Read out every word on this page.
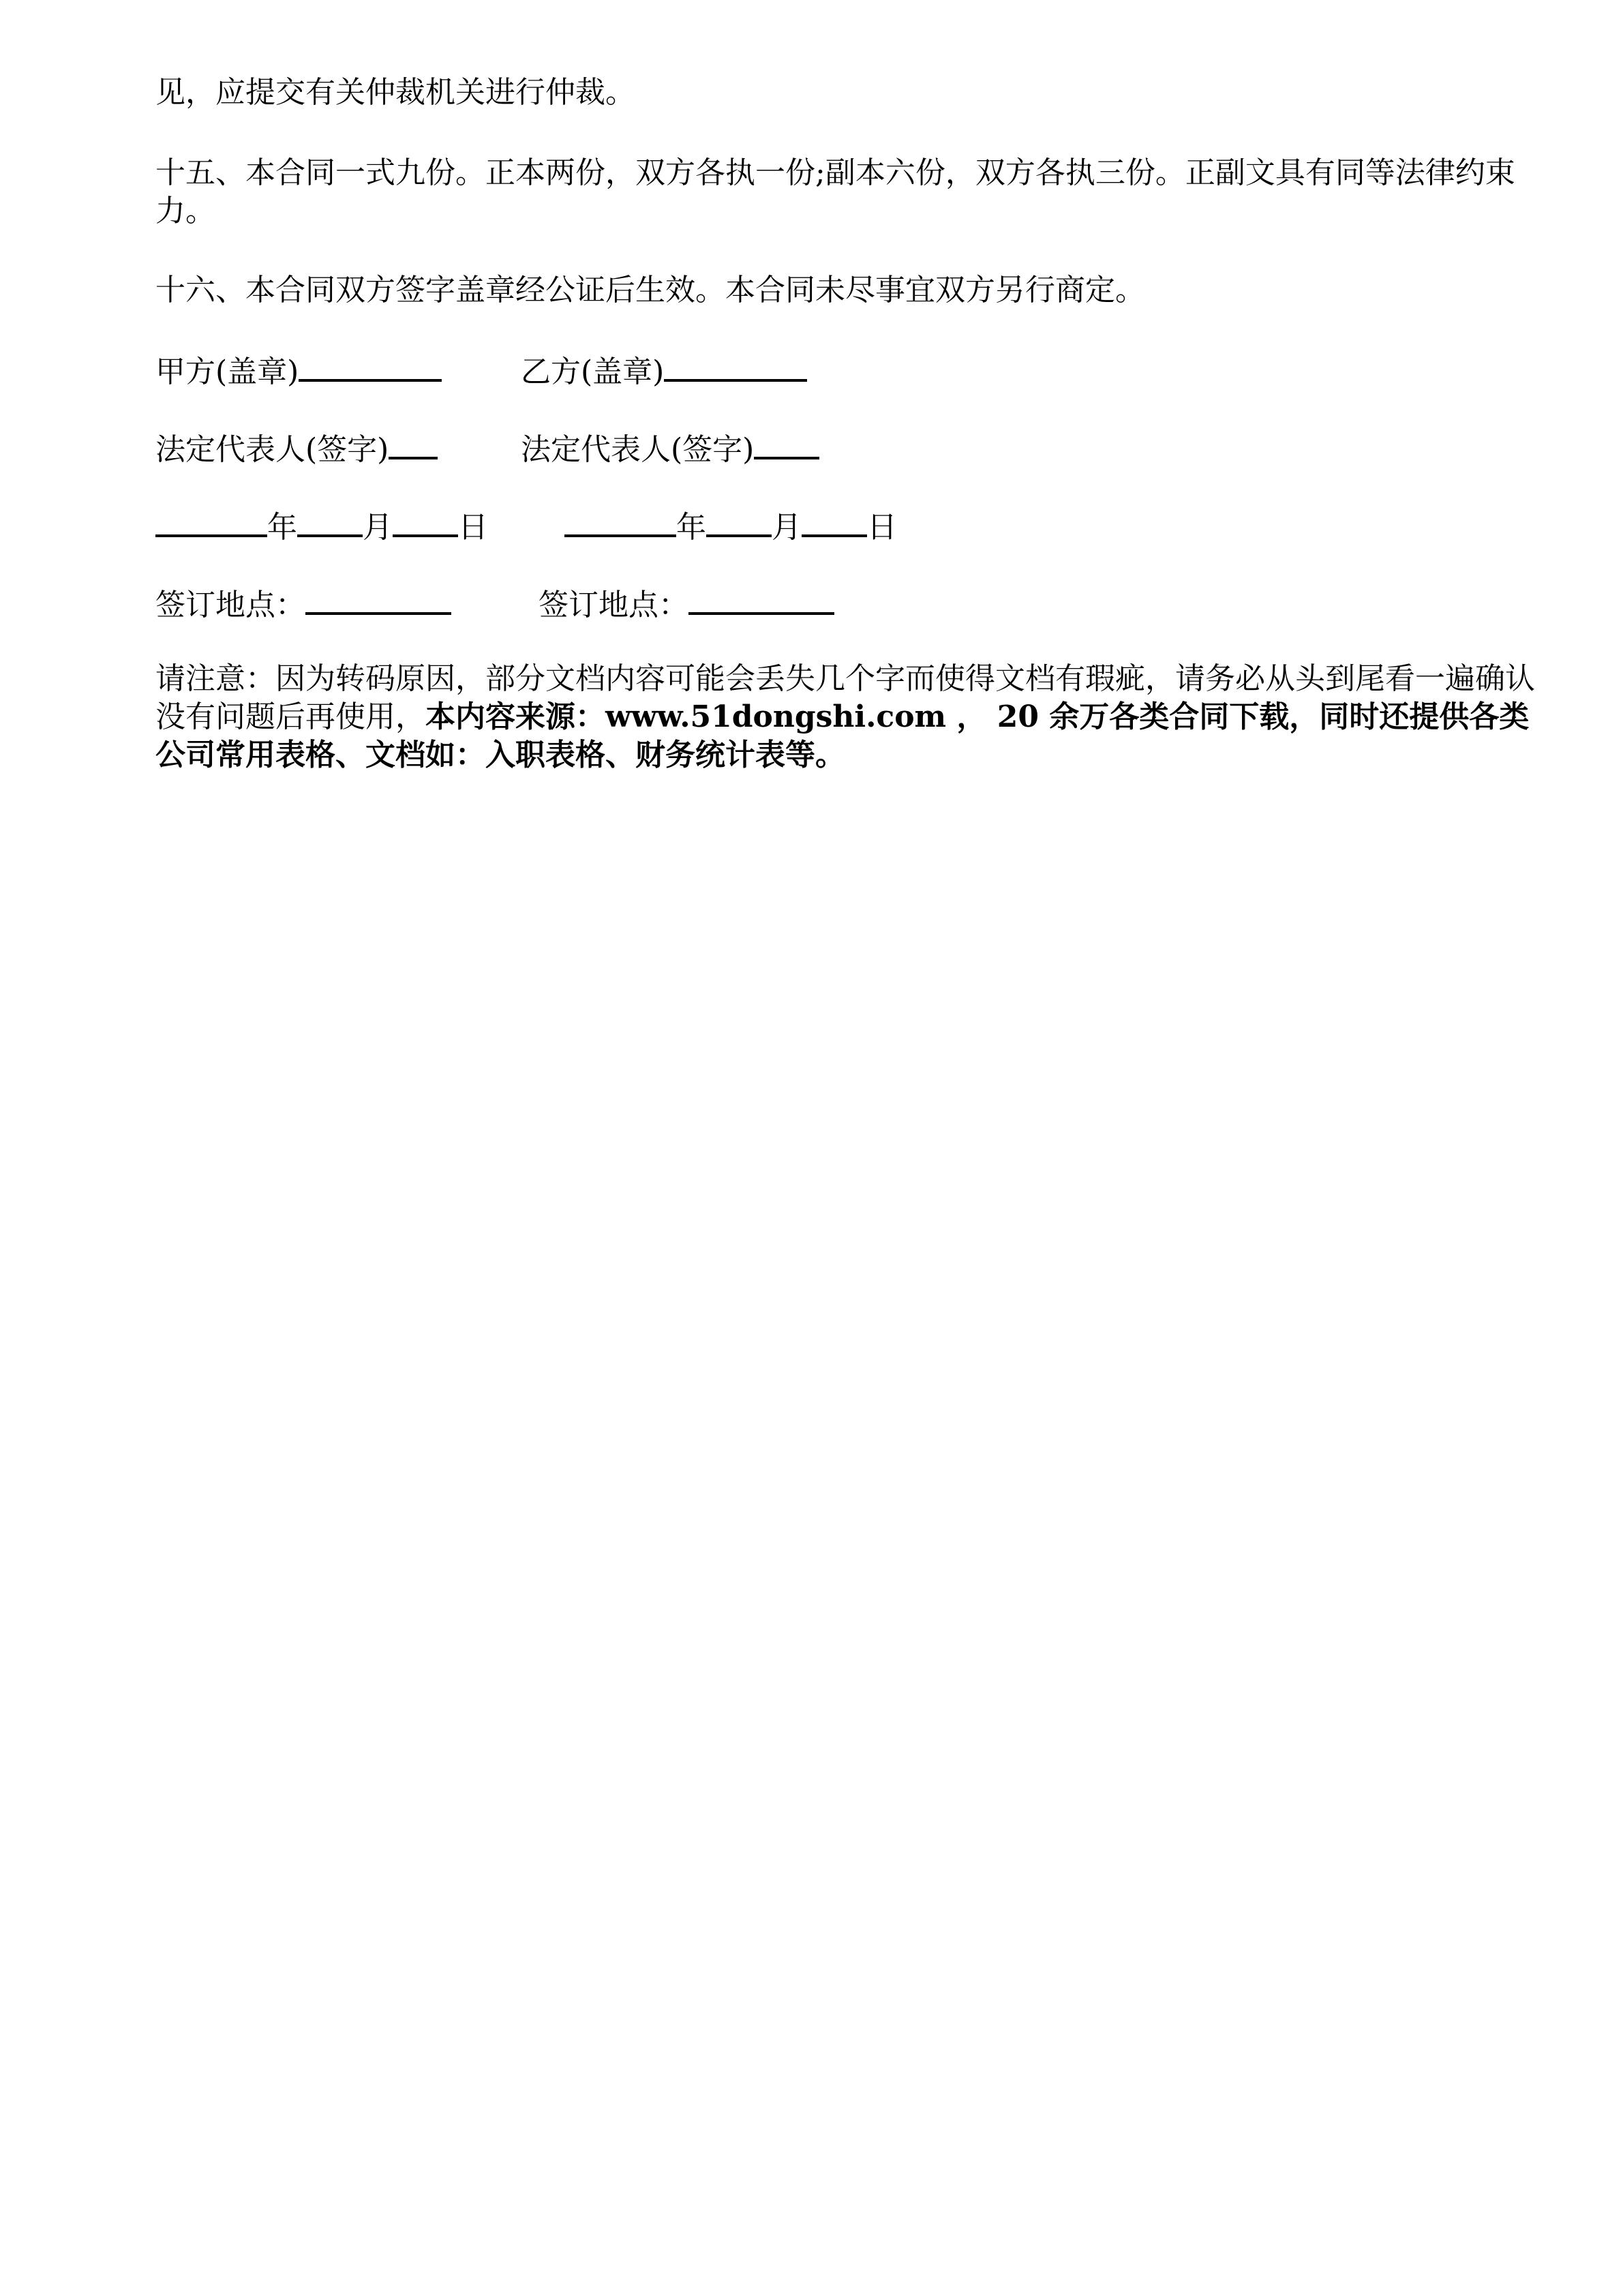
见，应提交有关仲裁机关进行仲裁。

十五、本合同一式九份。正本两份，双方各执一份;副本六份，双方各执三份。正副文具有同等法律约束力。

十六、本合同双方签字盖章经公证后生效。本合同未尽事宜双方另行商定。

甲方(盖章)	乙方(盖章)
法定代表人(签字)	法定代表人(签字)
年 月 日	年 月 日
签订地点：	签订地点：
请注意：因为转码原因，部分文档内容可能会丢失几个字而使得文档有瑕疵，请务必从头到尾看一遍确认没有问题后再使用，本内容来源：www.51dongshi.com ， 20 余万各类合同下载，同时还提供各类公司常用表格、文档如：入职表格、财务统计表等。
